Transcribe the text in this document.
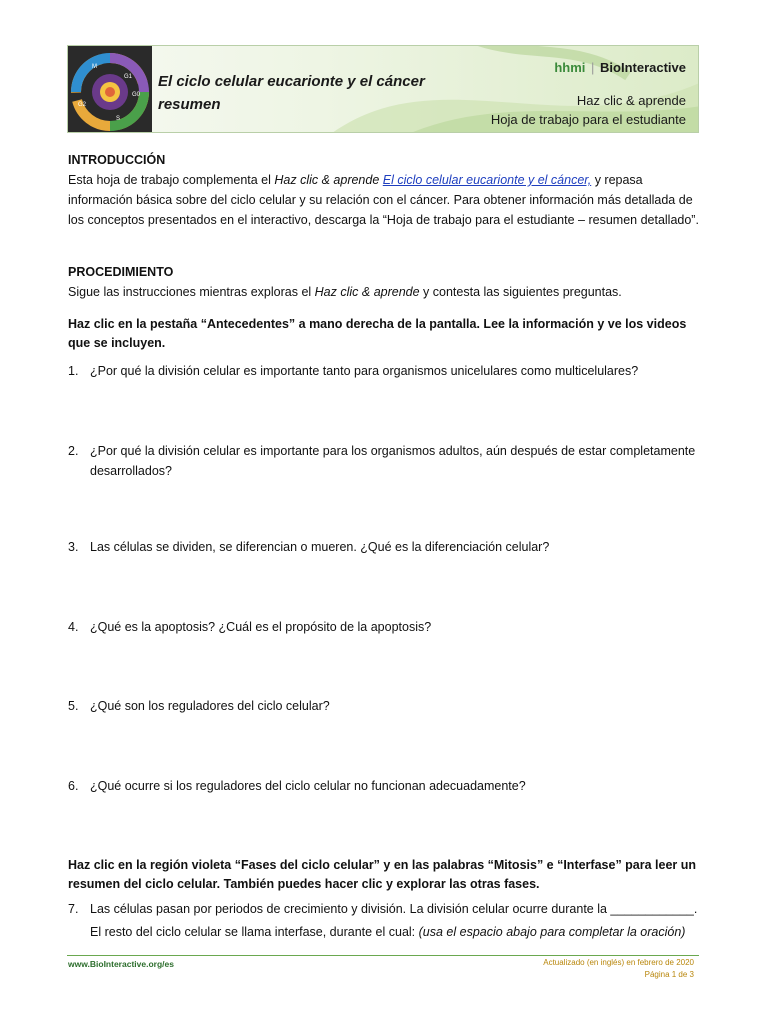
G1
G0
S
G2
M
El ciclo celular eucarionte y el cáncer resumen
hhmi | BioInteractive
Haz clic & aprende
Hoja de trabajo para el estudiante
INTRODUCCIÓN

Esta hoja de trabajo complementa el Haz clic & aprende El ciclo celular eucarionte y el cáncer, y repasa información básica sobre del ciclo celular y su relación con el cáncer. Para obtener información más detallada de los conceptos presentados en el interactivo, descarga la “Hoja de trabajo para el estudiante – resumen detallado”.

PROCEDIMIENTO

Sigue las instrucciones mientras exploras el Haz clic & aprende y contesta las siguientes preguntas.

Haz clic en la pestaña “Antecedentes” a mano derecha de la pantalla. Lee la información y ve los videos que se incluyen.
1. ¿Por qué la división celular es importante tanto para organismos unicelulares como multicelulares?
2. ¿Por qué la división celular es importante para los organismos adultos, aún después de estar completamente desarrollados?
3. Las células se dividen, se diferencian o mueren. ¿Qué es la diferenciación celular?
4. ¿Qué es la apoptosis? ¿Cuál es el propósito de la apoptosis?
5. ¿Qué son los reguladores del ciclo celular?
6. ¿Qué ocurre si los reguladores del ciclo celular no funcionan adecuadamente?
Haz clic en la región violeta “Fases del ciclo celular” y en las palabras “Mitosis” e “Interfase” para leer un resumen del ciclo celular. También puedes hacer clic y explorar las otras fases.
7. Las células pasan por periodos de crecimiento y división. La división celular ocurre durante la ____________.
El resto del ciclo celular se llama interfase, durante el cual: (usa el espacio abajo para completar la oración)
www.BioInteractive.org/es	Actualizado (en inglés) en febrero de 2020
Página 1 de 3
